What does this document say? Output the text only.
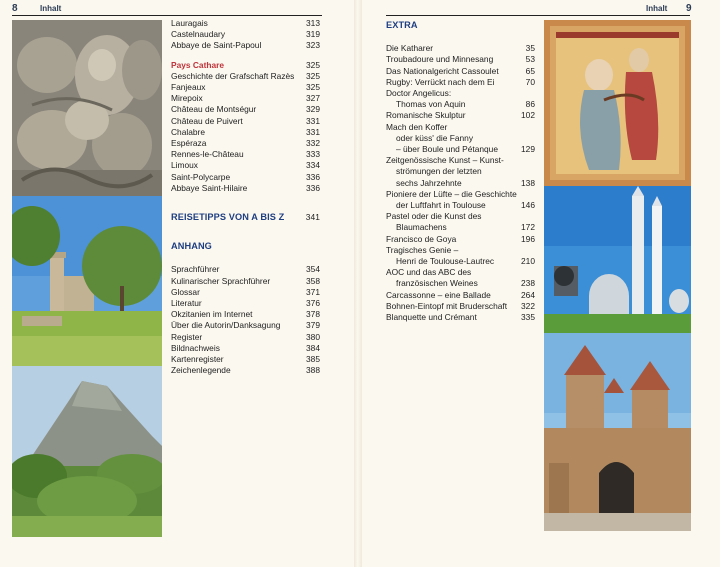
8	Inhalt
Lauragais	313
Castelnaudary	319
Abbaye de Saint-Papoul	323
Pays Cathare	325
Geschichte der Grafschaft Razès	325
Fanjeaux	325
Mirepoix	327
Château de Montségur	329
Château de Puivert	331
Chalabre	331
Espéraza	332
Rennes-le-Château	333
Limoux	334
Saint-Polycarpe	336
Abbaye Saint-Hilaire	336
REISETIPPS VON A BIS Z	341
ANHANG
Sprachführer	354
Kulinarischer Sprachführer	358
Glossar	371
Literatur	376
Okzitanien im Internet	378
Über die Autorin/Danksagung	379
Register	380
Bildnachweis	384
Kartenregister	385
Zeichenlegende	388
Inhalt 9
EXTRA
Die Katharer	35
Troubadoure und Minnesang	53
Das Nationalgericht Cassoulet	65
Rugby: Verrückt nach dem Ei	70
Doctor Angelicus:
Thomas von Aquin	86
Romanische Skulptur	102
Mach den Koffer
oder küss' die Fanny
– über Boule und Pétanque	129
Zeitgenössische Kunst – Kunst-
strömungen der letzten
sechs Jahrzehnte	138
Pioniere der Lüfte – die Geschichte
der Luftfahrt in Toulouse	146
Pastel oder die Kunst des
Blaumachens	172
Francisco de Goya	196
Tragisches Genie –
Henri de Toulouse-Lautrec	210
AOC und das ABC des
französischen Weines	238
Carcassonne – eine Ballade	264
Bohnen-Eintopf mit Bruderschaft	322
Blanquette und Crémant	335
